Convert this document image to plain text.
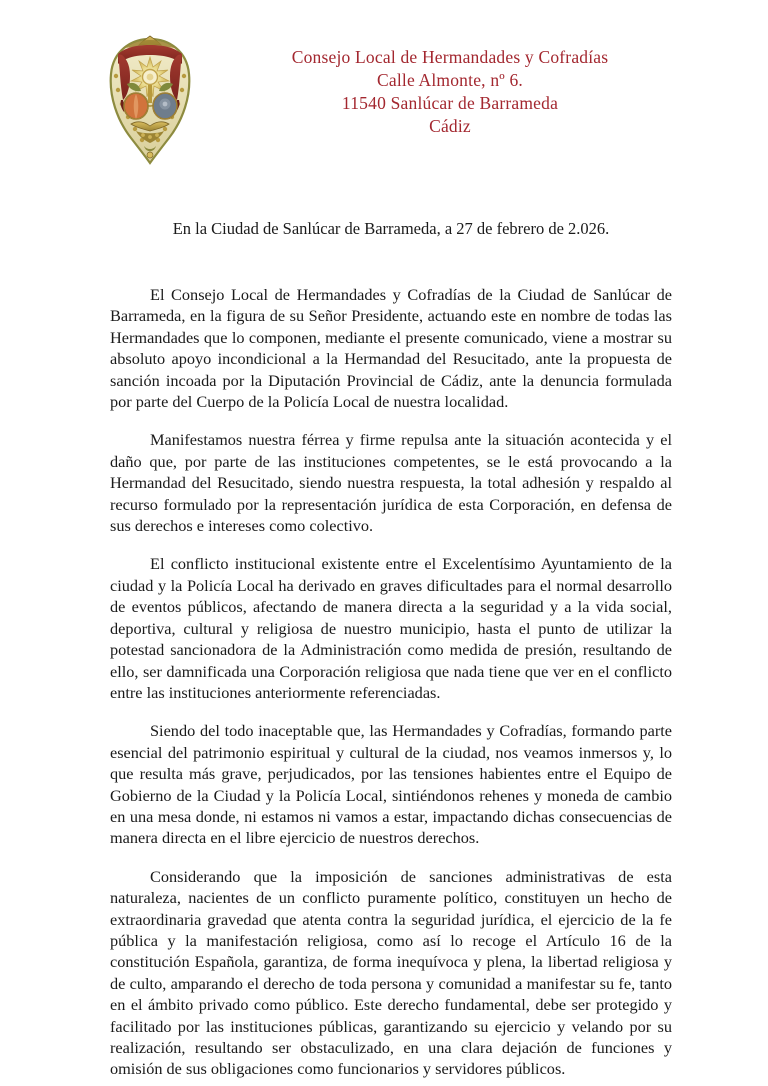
Consejo Local de Hermandades y Cofradías
Calle Almonte, nº 6.
11540 Sanlúcar de Barrameda
Cádiz
En la Ciudad de Sanlúcar de Barrameda, a 27 de febrero de 2.026.

El Consejo Local de Hermandades y Cofradías de la Ciudad de Sanlúcar de Barrameda, en la figura de su Señor Presidente, actuando este en nombre de todas las Hermandades que lo componen, mediante el presente comunicado, viene a mostrar su absoluto apoyo incondicional a la Hermandad del Resucitado, ante la propuesta de sanción incoada por la Diputación Provincial de Cádiz, ante la denuncia formulada por parte del Cuerpo de la Policía Local de nuestra localidad.

Manifestamos nuestra férrea y firme repulsa ante la situación acontecida y el daño que, por parte de las instituciones competentes, se le está provocando a la Hermandad del Resucitado, siendo nuestra respuesta, la total adhesión y respaldo al recurso formulado por la representación jurídica de esta Corporación, en defensa de sus derechos e intereses como colectivo.

El conflicto institucional existente entre el Excelentísimo Ayuntamiento de la ciudad y la Policía Local ha derivado en graves dificultades para el normal desarrollo de eventos públicos, afectando de manera directa a la seguridad y a la vida social, deportiva, cultural y religiosa de nuestro municipio, hasta el punto de utilizar la potestad sancionadora de la Administración como medida de presión, resultando de ello, ser damnificada una Corporación religiosa que nada tiene que ver en el conflicto entre las instituciones anteriormente referenciadas.

Siendo del todo inaceptable que, las Hermandades y Cofradías, formando parte esencial del patrimonio espiritual y cultural de la ciudad, nos veamos inmersos y, lo que resulta más grave, perjudicados, por las tensiones habientes entre el Equipo de Gobierno de la Ciudad y la Policía Local, sintiéndonos rehenes y moneda de cambio en una mesa donde, ni estamos ni vamos a estar, impactando dichas consecuencias de manera directa en el libre ejercicio de nuestros derechos.

Considerando que la imposición de sanciones administrativas de esta naturaleza, nacientes de un conflicto puramente político, constituyen un hecho de extraordinaria gravedad que atenta contra la seguridad jurídica, el ejercicio de la fe pública y la manifestación religiosa, como así lo recoge el Artículo 16 de la constitución Española, garantiza, de forma inequívoca y plena, la libertad religiosa y de culto, amparando el derecho de toda persona y comunidad a manifestar su fe, tanto en el ámbito privado como público. Este derecho fundamental, debe ser protegido y facilitado por las instituciones públicas, garantizando su ejercicio y velando por su realización, resultando ser obstaculizado, en una clara dejación de funciones y omisión de sus obligaciones como funcionarios y servidores públicos.
